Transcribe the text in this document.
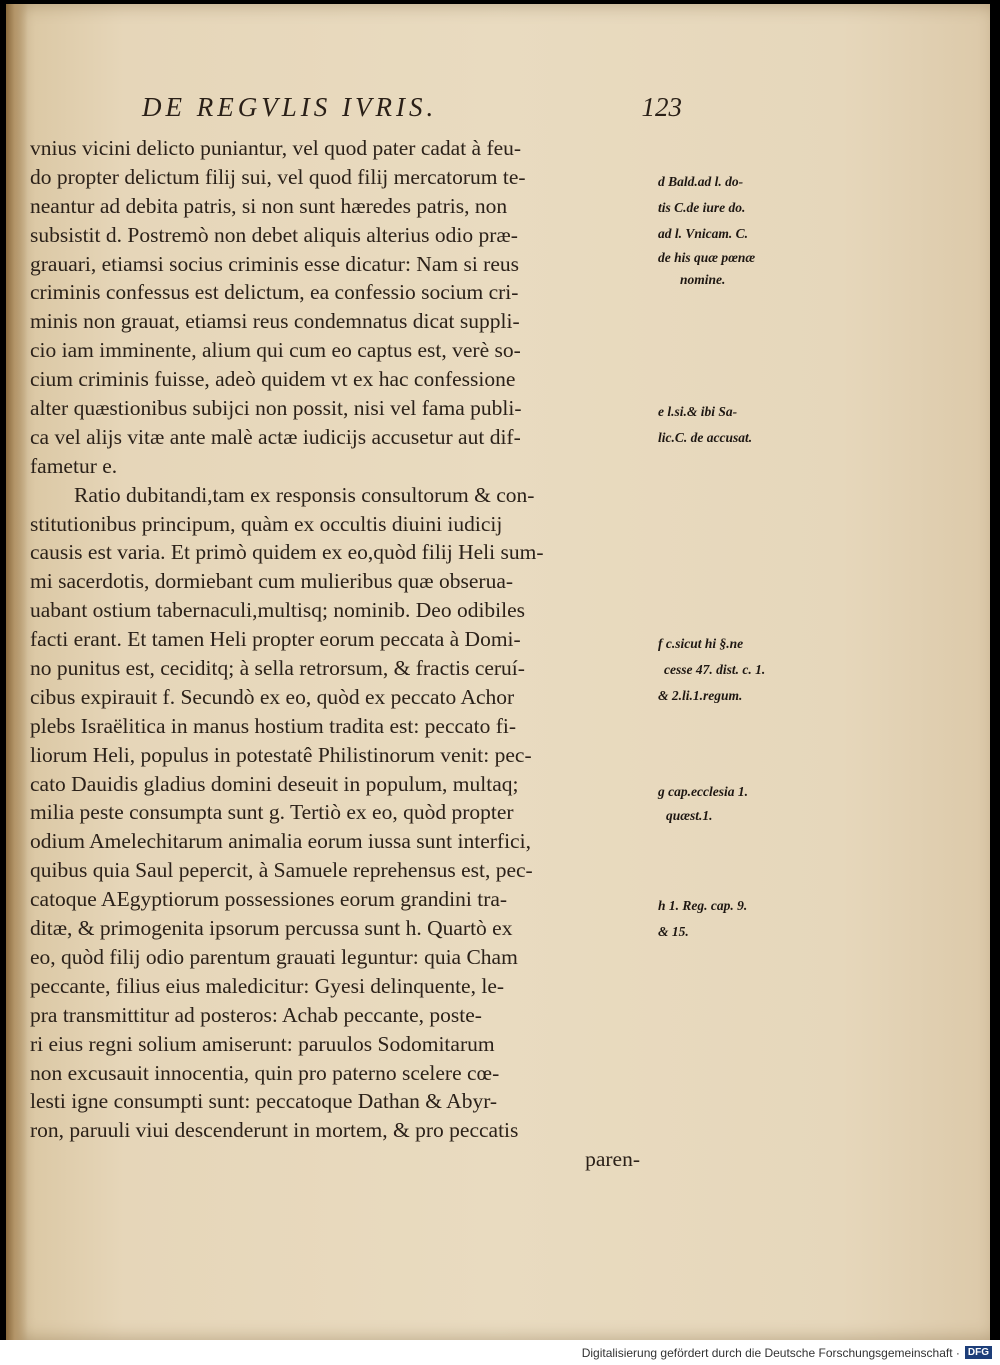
DE REGVLIS IVRIS.	123
vnius vicini delicto puniantur, vel quod pater cadat à feu-
do propter delictum filij sui, vel quod filij mercatorum te-
neantur ad debita patris, si non sunt hæredes patris, non
subsistit d. Postremò non debet aliquis alterius odio præ-
grauari, etiamsi socius criminis esse dicatur: Nam si reus
criminis confessus est delictum, ea confessio socium cri-
minis non grauat, etiamsi reus condemnatus dicat suppli-
cio iam imminente, alium qui cum eo captus est, verè so-
cium criminis fuisse, adeò quidem vt ex hac confessione
alter quæstionibus subijci non possit, nisi vel fama publi-
ca vel alijs vitæ ante malè actæ iudicijs accusetur aut dif-
fametur e.
Ratio dubitandi,tam ex responsis consultorum & con-
stitutionibus principum, quàm ex occultis diuini iudicij
causis est varia. Et primò quidem ex eo,quòd filij Heli sum-
mi sacerdotis, dormiebant cum mulieribus quæ obserua-
uabant ostium tabernaculi,multisq; nominib. Deo odibiles
facti erant. Et tamen Heli propter eorum peccata à Domi-
no punitus est, ceciditq; à sella retrorsum, & fractis ceruí-
cibus expirauit f. Secundò ex eo, quòd ex peccato Achor
plebs Israëlitica in manus hostium tradita est: peccato fi-
liorum Heli, populus in potestatê Philistinorum venit: pec-
cato Dauidis gladius domini deseuit in populum, multaq;
milia peste consumpta sunt g. Tertiò ex eo, quòd propter
odium Amelechitarum animalia eorum iussa sunt interfici,
quibus quia Saul pepercit, à Samuele reprehensus est, pec-
catoque AEgyptiorum possessiones eorum grandini tra-
ditæ, & primogenita ipsorum percussa sunt h. Quartò ex
eo, quòd filij odio parentum grauati leguntur: quia Cham
peccante, filius eius maledicitur: Gyesi delinquente, le-
pra transmittitur ad posteros: Achab peccante, poste-
ri eius regni solium amiserunt: paruulos Sodomitarum
non excusauit innocentia, quin pro paterno scelere cœ-
lesti igne consumpti sunt: peccatoque Dathan & Abyr-
ron, paruuli viui descenderunt in mortem, & pro peccatis
paren-
d Bald.ad l. do-
tis C.de iure do.
ad l. Vnicam. C.
de his quæ pœnæ
nomine.
e l.si.& ibi Sa-
lic.C. de accusat.
f c.sicut hi §.ne
cesse 47. dist. c. 1.
& 2.li.1.regum.
g cap.ecclesia 1.
quæst.1.
h 1. Reg. cap. 9.
& 15.
Digitalisierung gefördert durch die Deutsche Forschungsgemeinschaft · DFG
